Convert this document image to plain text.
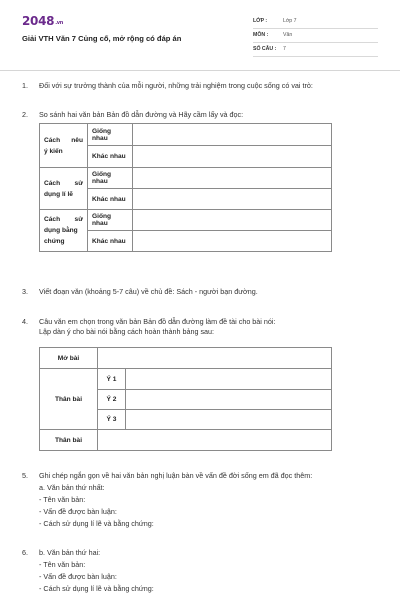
2048.vn
Giải VTH Văn 7 Củng cố, mở rộng có đáp án
LỚP :	Lớp 7
MÔN :	Văn
SỐ CÂU : 7
1. Đối với sự trưởng thành của mỗi người, những trải nghiệm trong cuộc sống có vai trò:
2. So sánh hai văn bản Bản đồ dẫn đường và Hãy cầm lấy và đọc:
Cách nêu
ý kiến	Giống nhau	
	Khác nhau	

Cách sử
dụng lí lẽ	Giống nhau	
	Khác nhau	

Cách sử
dụng bằng
chứng	Giống nhau	
	Khác nhau	
3. Viết đoạn văn (khoảng 5-7 câu) về chủ đề: Sách - người bạn đường.
4. Câu văn em chọn trong văn bản Bản đồ dẫn đường làm đề tài cho bài nói:
Lập dàn ý cho bài nói bằng cách hoàn thành bảng sau:
Mở bài		
Thân bài	Ý 1	
	Ý 2	
	Ý 3	
Thân bài		
5. Ghi chép ngắn gọn về hai văn bản nghị luận bàn về vấn đề đời sống em đã đọc thêm:
a. Văn bản thứ nhất:
- Tên văn bản:
- Vấn đề được bàn luận:
- Cách sử dụng lí lẽ và bằng chứng:
6. b. Văn bản thứ hai:
- Tên văn bản:
- Vấn đề được bàn luận:
- Cách sử dụng lí lẽ và bằng chứng:
